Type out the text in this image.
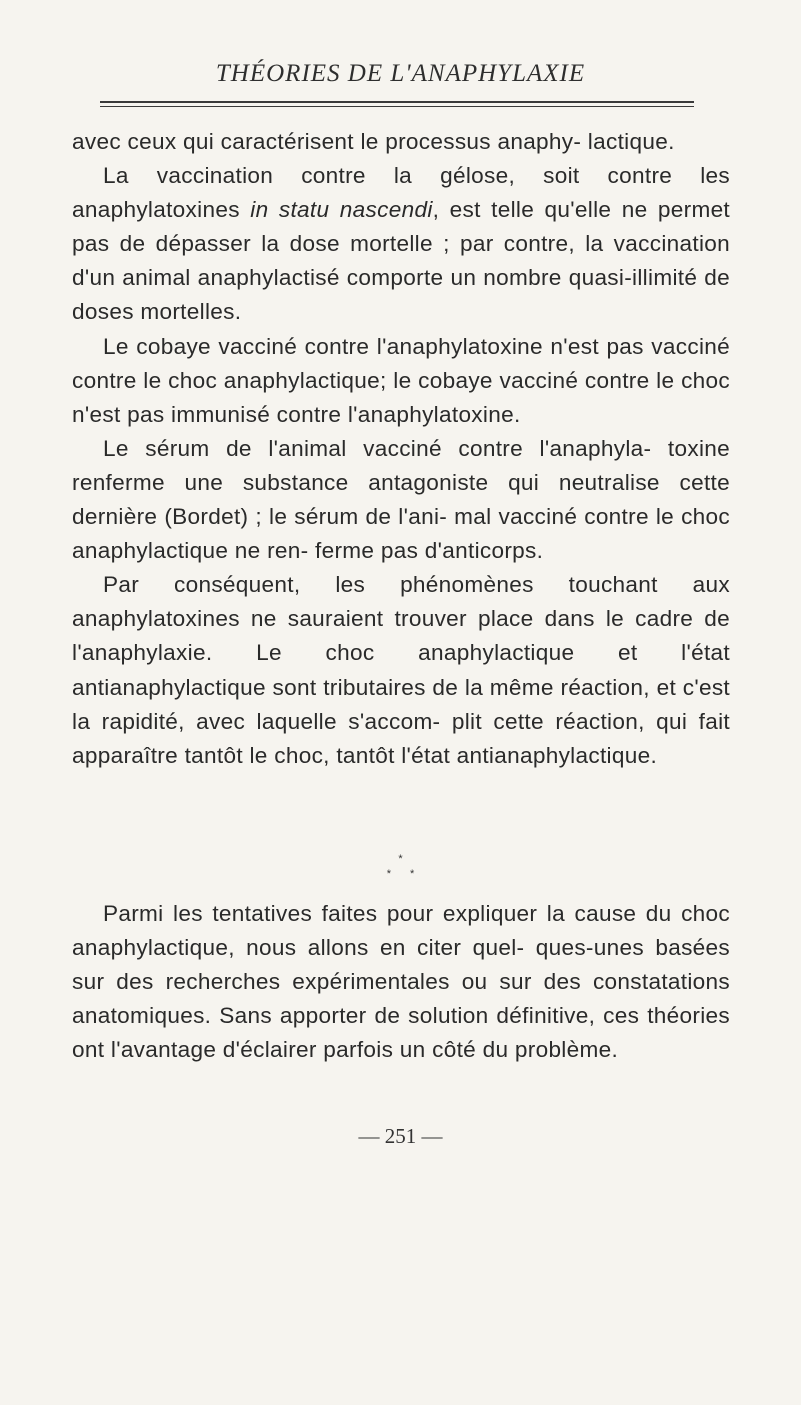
THÉORIES DE L'ANAPHYLAXIE

avec ceux qui caractérisent le processus anaphy- lactique.

La vaccination contre la gélose, soit contre les anaphylatoxines in statu nascendi, est telle qu'elle ne permet pas de dépasser la dose mortelle ; par contre, la vaccination d'un animal anaphylactisé comporte un nombre quasi-illimité de doses mortelles.

Le cobaye vacciné contre l'anaphylatoxine n'est pas vacciné contre le choc anaphylactique; le cobaye vacciné contre le choc n'est pas immunisé contre l'anaphylatoxine.

Le sérum de l'animal vacciné contre l'anaphyla- toxine renferme une substance antagoniste qui neutralise cette dernière (Bordet) ; le sérum de l'ani- mal vacciné contre le choc anaphylactique ne ren- ferme pas d'anticorps.

Par conséquent, les phénomènes touchant aux anaphylatoxines ne sauraient trouver place dans le cadre de l'anaphylaxie. Le choc anaphylactique et l'état antianaphylactique sont tributaires de la même réaction, et c'est la rapidité, avec laquelle s'accom- plit cette réaction, qui fait apparaître tantôt le choc, tantôt l'état antianaphylactique.

*
* *

Parmi les tentatives faites pour expliquer la cause du choc anaphylactique, nous allons en citer quel- ques-unes basées sur des recherches expérimentales ou sur des constatations anatomiques. Sans apporter de solution définitive, ces théories ont l'avantage d'éclairer parfois un côté du problème.

— 251 —
